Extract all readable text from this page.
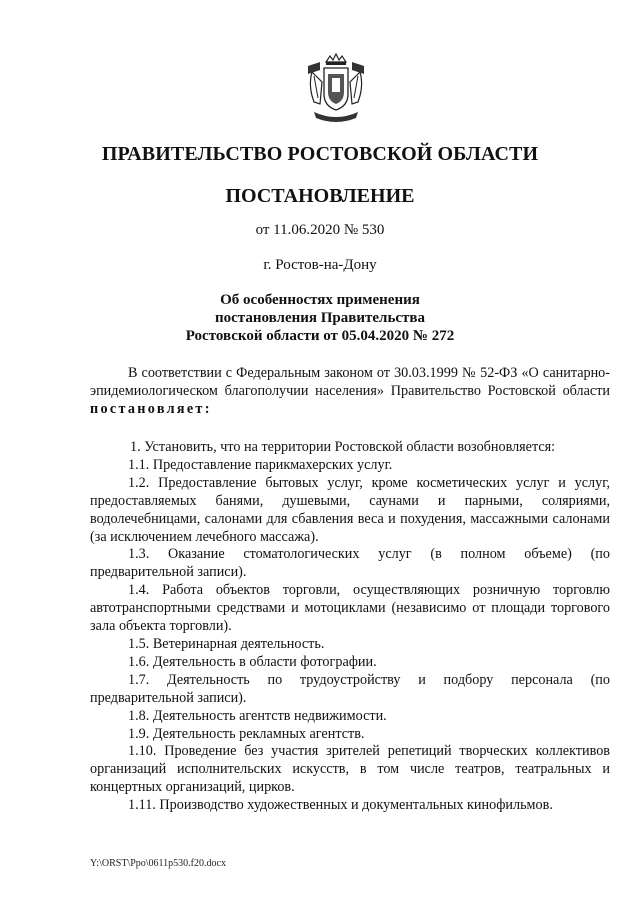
ПРАВИТЕЛЬСТВО РОСТОВСКОЙ ОБЛАСТИ
ПОСТАНОВЛЕНИЕ
от 11.06.2020 № 530
г. Ростов-на-Дону
Об особенностях применения
постановления Правительства
Ростовской области от 05.04.2020 № 272

В соответствии с Федеральным законом от 30.03.1999 № 52-ФЗ «О санитарно-эпидемиологическом благополучии населения» Правительство Ростовской области постановляет:

1. Установить, что на территории Ростовской области возобновляется:

1.1. Предоставление парикмахерских услуг.

1.2. Предоставление бытовых услуг, кроме косметических услуг и услуг, предоставляемых банями, душевыми, саунами и парными, соляриями, водолечебницами, салонами для сбавления веса и похудения, массажными салонами (за исключением лечебного массажа).

1.3. Оказание стоматологических услуг (в полном объеме) (по предварительной записи).

1.4. Работа объектов торговли, осуществляющих розничную торговлю автотранспортными средствами и мотоциклами (независимо от площади торгового зала объекта торговли).

1.5. Ветеринарная деятельность.

1.6. Деятельность в области фотографии.

1.7. Деятельность по трудоустройству и подбору персонала (по предварительной записи).

1.8. Деятельность агентств недвижимости.

1.9. Деятельность рекламных агентств.

1.10. Проведение без участия зрителей репетиций творческих коллективов организаций исполнительских искусств, в том числе театров, театральных и концертных организаций, цирков.

1.11. Производство художественных и документальных кинофильмов.

Y:\ORST\Ppo\0611p530.f20.docx
